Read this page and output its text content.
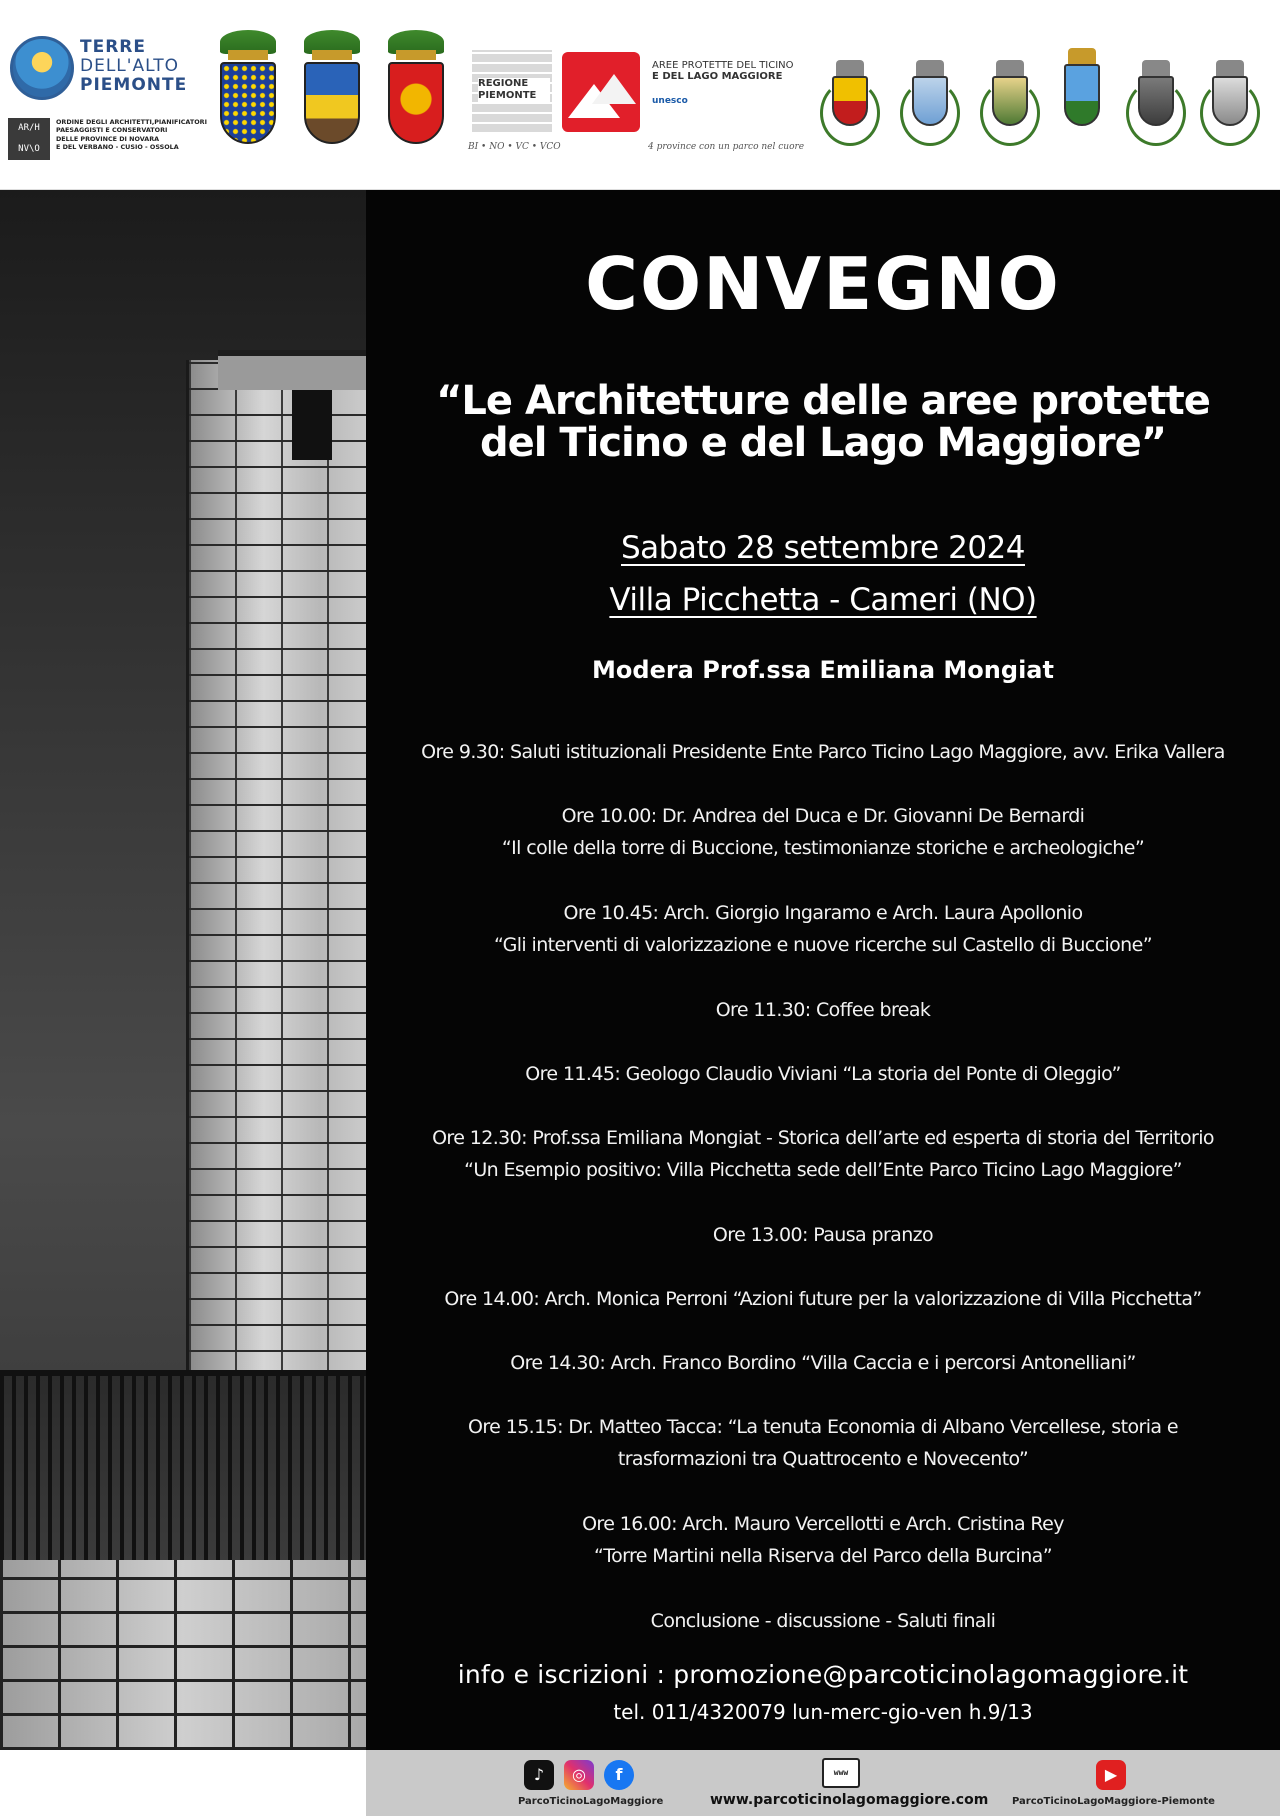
TERRE
DELL'ALTO
PIEMONTE
AR/H
NV\O
ORDINE DEGLI ARCHITETTI,PIANIFICATORI
PAESAGGISTI E CONSERVATORI
DELLE PROVINCE DI NOVARA
E DEL VERBANO - CUSIO - OSSOLA
REGIONE
PIEMONTE
BI • NO • VC • VCO
AREE PROTETTE DEL TICINO
E DEL LAGO MAGGIORE
unesco
4 province con un parco nel cuore
CONVEGNO
“Le Architetture delle aree protette
del Ticino e del Lago Maggiore”
Sabato 28 settembre 2024
Villa Picchetta - Cameri (NO)
Modera Prof.ssa Emiliana Mongiat
Ore 9.30: Saluti istituzionali Presidente Ente Parco Ticino Lago Maggiore, avv. Erika Vallera
Ore 10.00: Dr. Andrea del Duca e Dr. Giovanni De Bernardi
“Il colle della torre di Buccione, testimonianze storiche e archeologiche”
Ore 10.45: Arch. Giorgio Ingaramo e Arch. Laura Apollonio
“Gli interventi di valorizzazione e nuove ricerche sul Castello di Buccione”
Ore 11.30: Coffee break
Ore 11.45: Geologo Claudio Viviani “La storia del Ponte di Oleggio”
Ore 12.30: Prof.ssa Emiliana Mongiat - Storica dell’arte ed esperta di storia del Territorio
“Un Esempio positivo: Villa Picchetta sede dell’Ente Parco Ticino Lago Maggiore”
Ore 13.00: Pausa pranzo
Ore 14.00: Arch. Monica Perroni “Azioni future per la valorizzazione di Villa Picchetta”
Ore 14.30: Arch. Franco Bordino “Villa Caccia e i percorsi Antonelliani”
Ore 15.15: Dr. Matteo Tacca: “La tenuta Economia di Albano Vercellese, storia e
trasformazioni tra Quattrocento e Novecento”
Ore 16.00: Arch. Mauro Vercellotti e Arch. Cristina Rey
“Torre Martini nella Riserva del Parco della Burcina”
Conclusione - discussione - Saluti finali
info e iscrizioni : promozione@parcoticinolagomaggiore.it
tel. 011/4320079 lun-merc-gio-ven h.9/13
♪	◎	f
ParcoTicinoLagoMaggiore
www
www.parcoticinolagomaggiore.com
▶
ParcoTicinoLagoMaggiore-Piemonte
